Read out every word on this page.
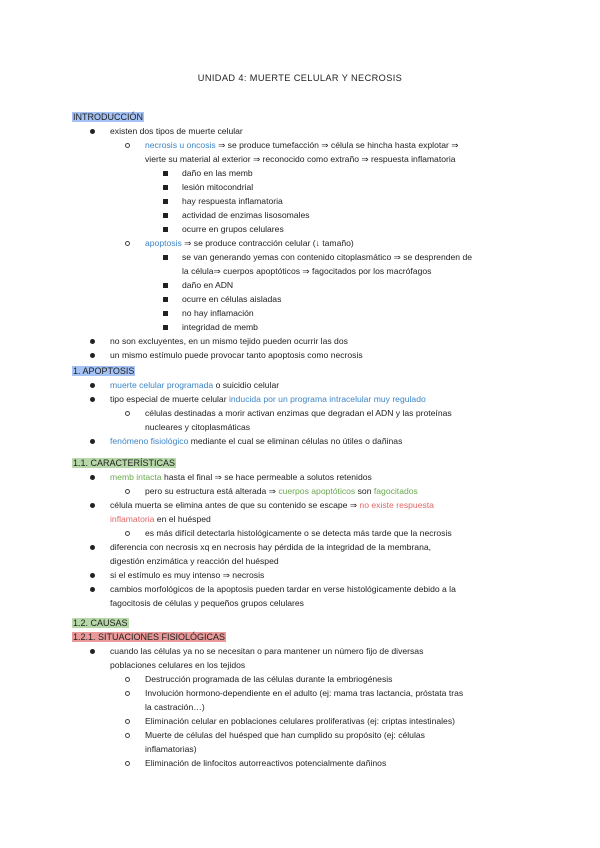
UNIDAD 4: MUERTE CELULAR Y NECROSIS
INTRODUCCIÓN
existen dos tipos de muerte celular
necrosis u oncosis ⇒ se produce tumefacción ⇒ célula se hincha hasta explotar ⇒
vierte su material al exterior ⇒ reconocido como extraño ⇒ respuesta inflamatoria
daño en las memb
lesión mitocondrial
hay respuesta inflamatoria
actividad de enzimas lisosomales
ocurre en grupos celulares
apoptosis ⇒ se produce contracción celular (↓ tamaño)
se van generando yemas con contenido citoplasmático ⇒ se desprenden de
la célula⇒ cuerpos apoptóticos ⇒ fagocitados por los macrófagos
daño en ADN
ocurre en células aisladas
no hay inflamación
integridad de memb
no son excluyentes, en un mismo tejido pueden ocurrir las dos
un mismo estímulo puede provocar tanto apoptosis como necrosis
1. APOPTOSIS
muerte celular programada o suicidio celular
tipo especial de muerte celular inducida por un programa intracelular muy regulado
células destinadas a morir activan enzimas que degradan el ADN y las proteínas
nucleares y citoplasmáticas
fenómeno fisiológico mediante el cual se eliminan células no útiles o dañinas
1.1. CARACTERÍSTICAS
memb intacta hasta el final ⇒ se hace permeable a solutos retenidos
pero su estructura está alterada ⇒ cuerpos apoptóticos son fagocitados
célula muerta se elimina antes de que su contenido se escape ⇒ no existe respuesta
inflamatoria en el huésped
es más difícil detectarla histológicamente o se detecta más tarde que la necrosis
diferencia con necrosis xq en necrosis hay pérdida de la integridad de la membrana,
digestión enzimática y reacción del huésped
si el estímulo es muy intenso ⇒ necrosis
cambios morfológicos de la apoptosis pueden tardar en verse histológicamente debido a la
fagocitosis de células y pequeños grupos celulares
1.2. CAUSAS
1.2.1. SITUACIONES FISIOLÓGICAS
cuando las células ya no se necesitan o para mantener un número fijo de diversas
poblaciones celulares en los tejidos
Destrucción programada de las células durante la embriogénesis
Involución hormono-dependiente en el adulto (ej: mama tras lactancia, próstata tras
la castración…)
Eliminación celular en poblaciones celulares proliferativas (ej: criptas intestinales)
Muerte de células del huésped que han cumplido su propósito (ej: células
inflamatorias)
Eliminación de linfocitos autorreactivos potencialmente dañinos
